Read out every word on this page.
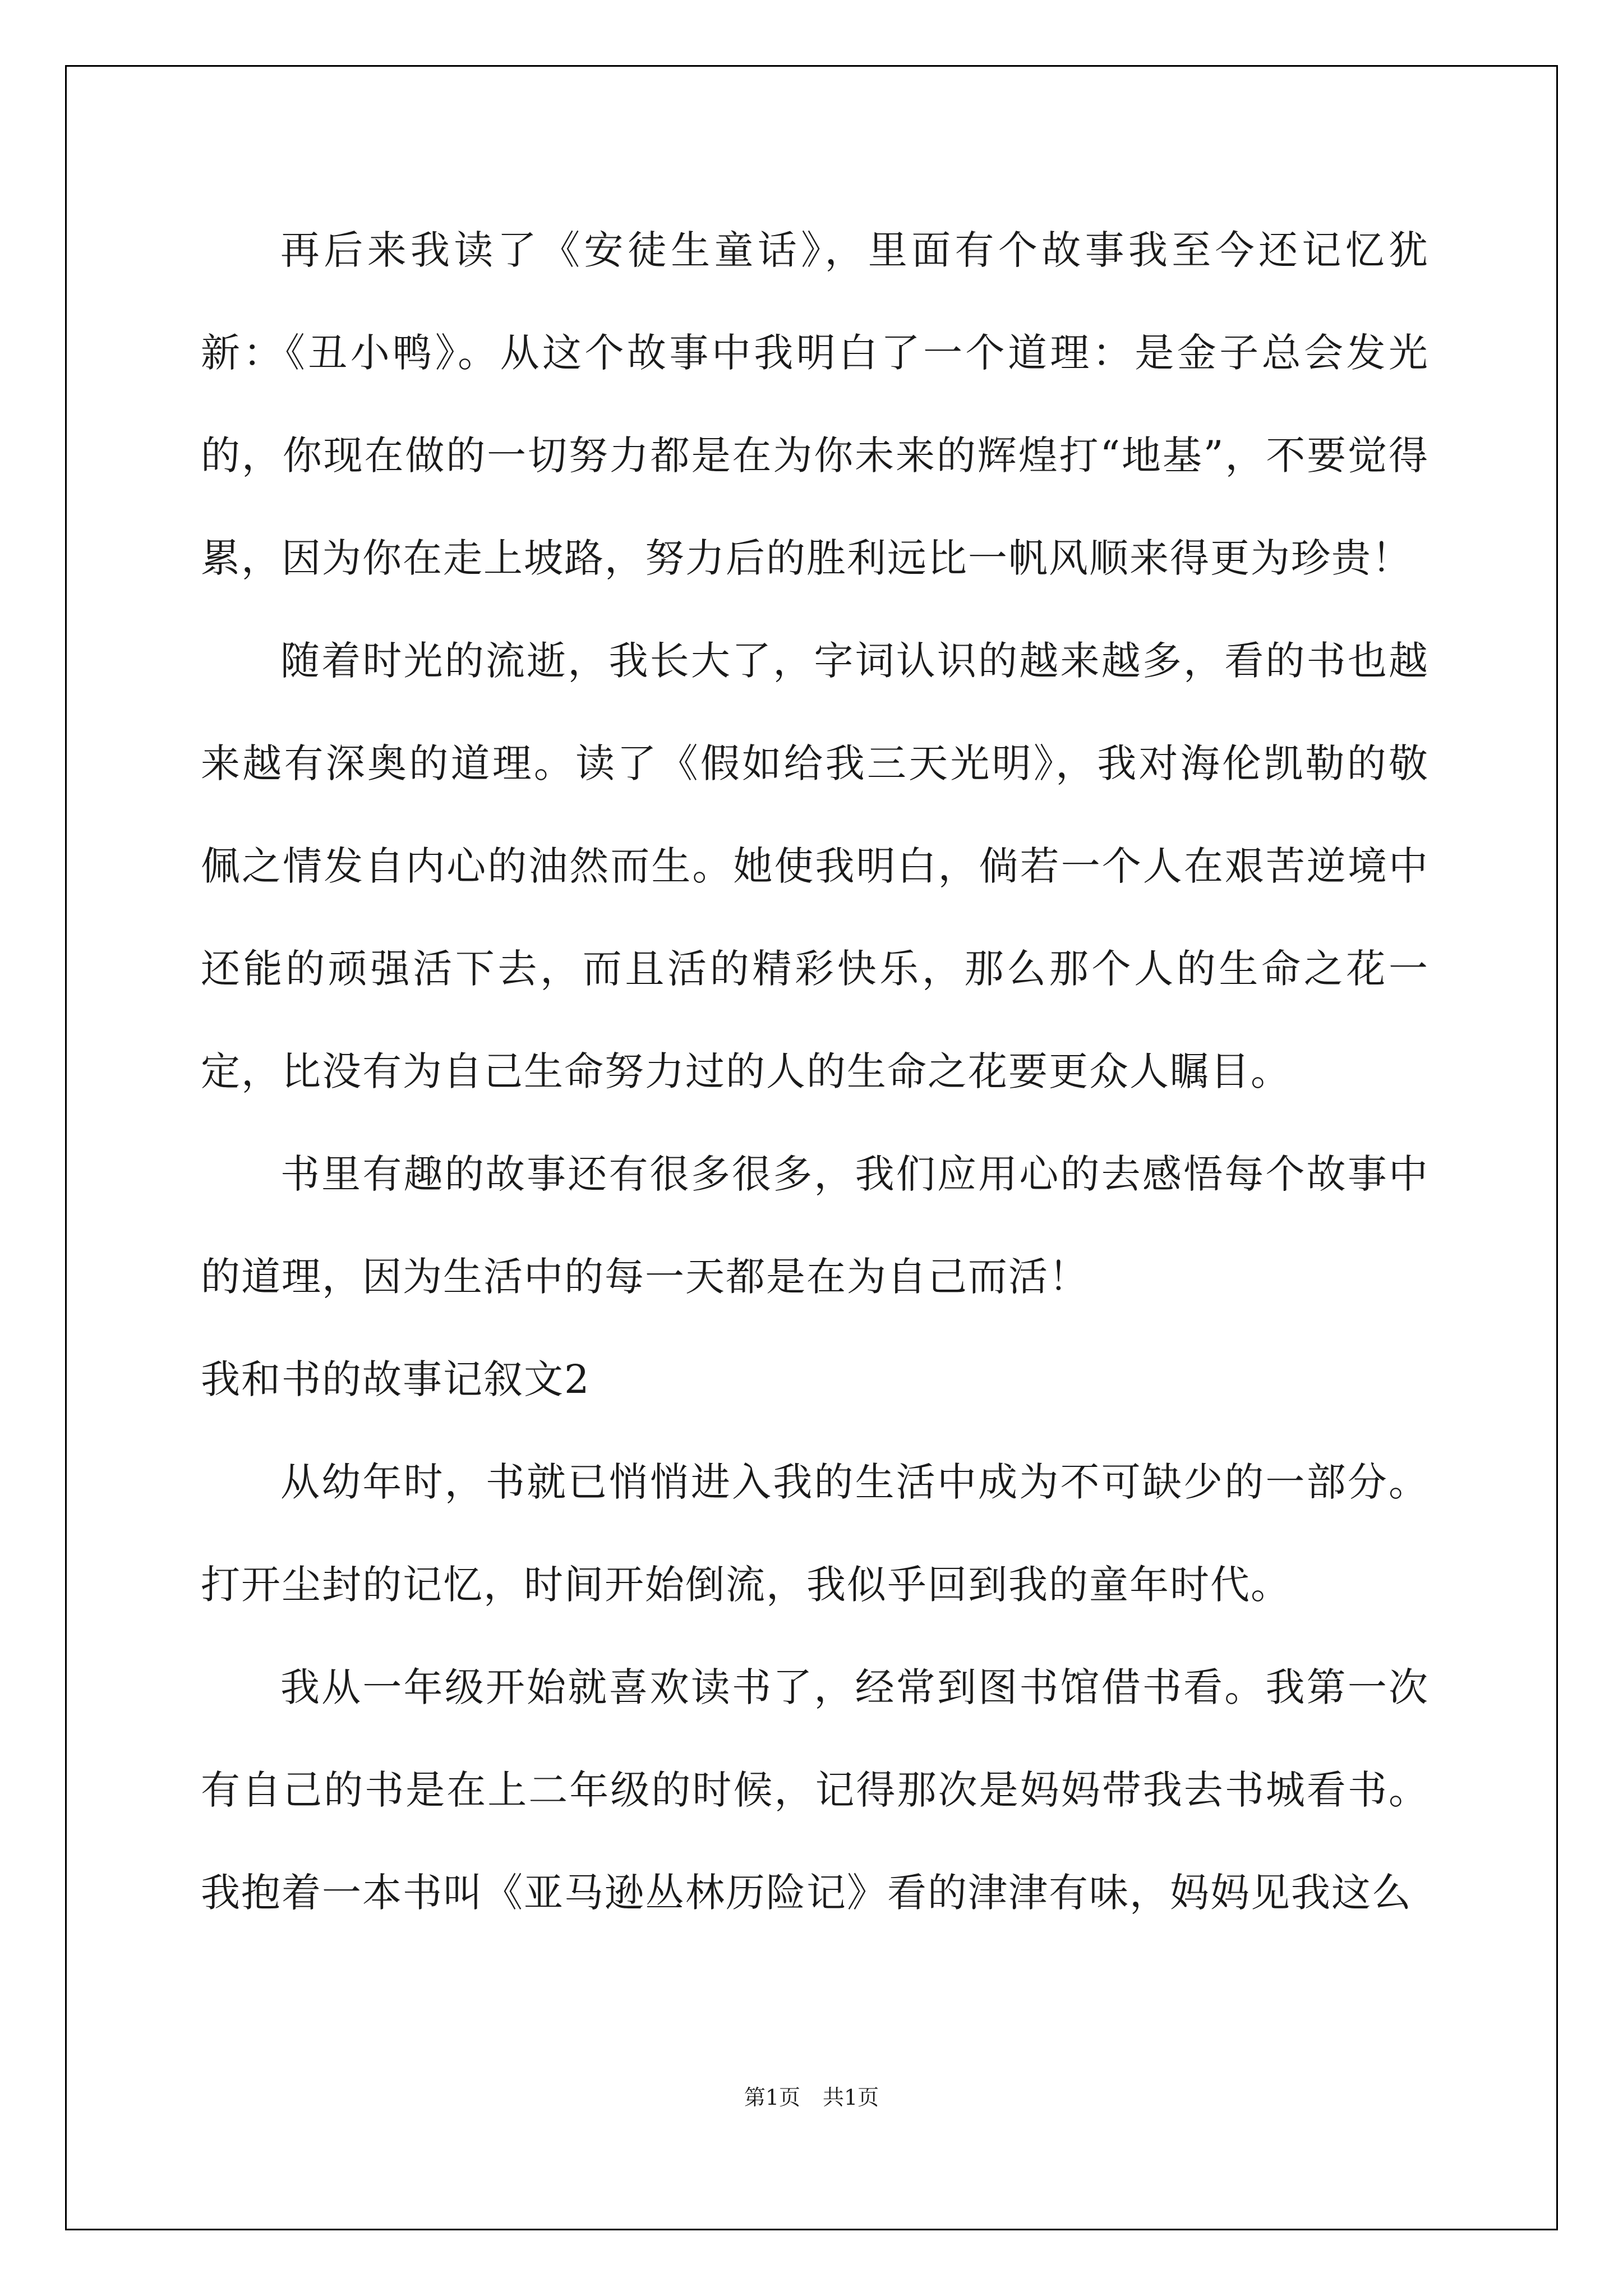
再后来我读了《安徒生童话》，里面有个故事我至今还记忆犹新：《丑小鸭》。从这个故事中我明白了一个道理：是金子总会发光的，你现在做的一切努力都是在为你未来的辉煌打“地基”，不要觉得累，因为你在走上坡路，努力后的胜利远比一帆风顺来得更为珍贵！

随着时光的流逝，我长大了，字词认识的越来越多，看的书也越来越有深奥的道理。读了《假如给我三天光明》，我对海伦凯勒的敬佩之情发自内心的油然而生。她使我明白，倘若一个人在艰苦逆境中还能的顽强活下去，而且活的精彩快乐，那么那个人的生命之花一定，比没有为自己生命努力过的人的生命之花要更众人瞩目。

书里有趣的故事还有很多很多，我们应用心的去感悟每个故事中的道理，因为生活中的每一天都是在为自己而活！

我和书的故事记叙文2

从幼年时，书就已悄悄进入我的生活中成为不可缺少的一部分。打开尘封的记忆，时间开始倒流，我似乎回到我的童年时代。

我从一年级开始就喜欢读书了，经常到图书馆借书看。我第一次有自己的书是在上二年级的时候，记得那次是妈妈带我去书城看书。我抱着一本书叫《亚马逊丛林历险记》看的津津有味，妈妈见我这么

第1页 共1页
